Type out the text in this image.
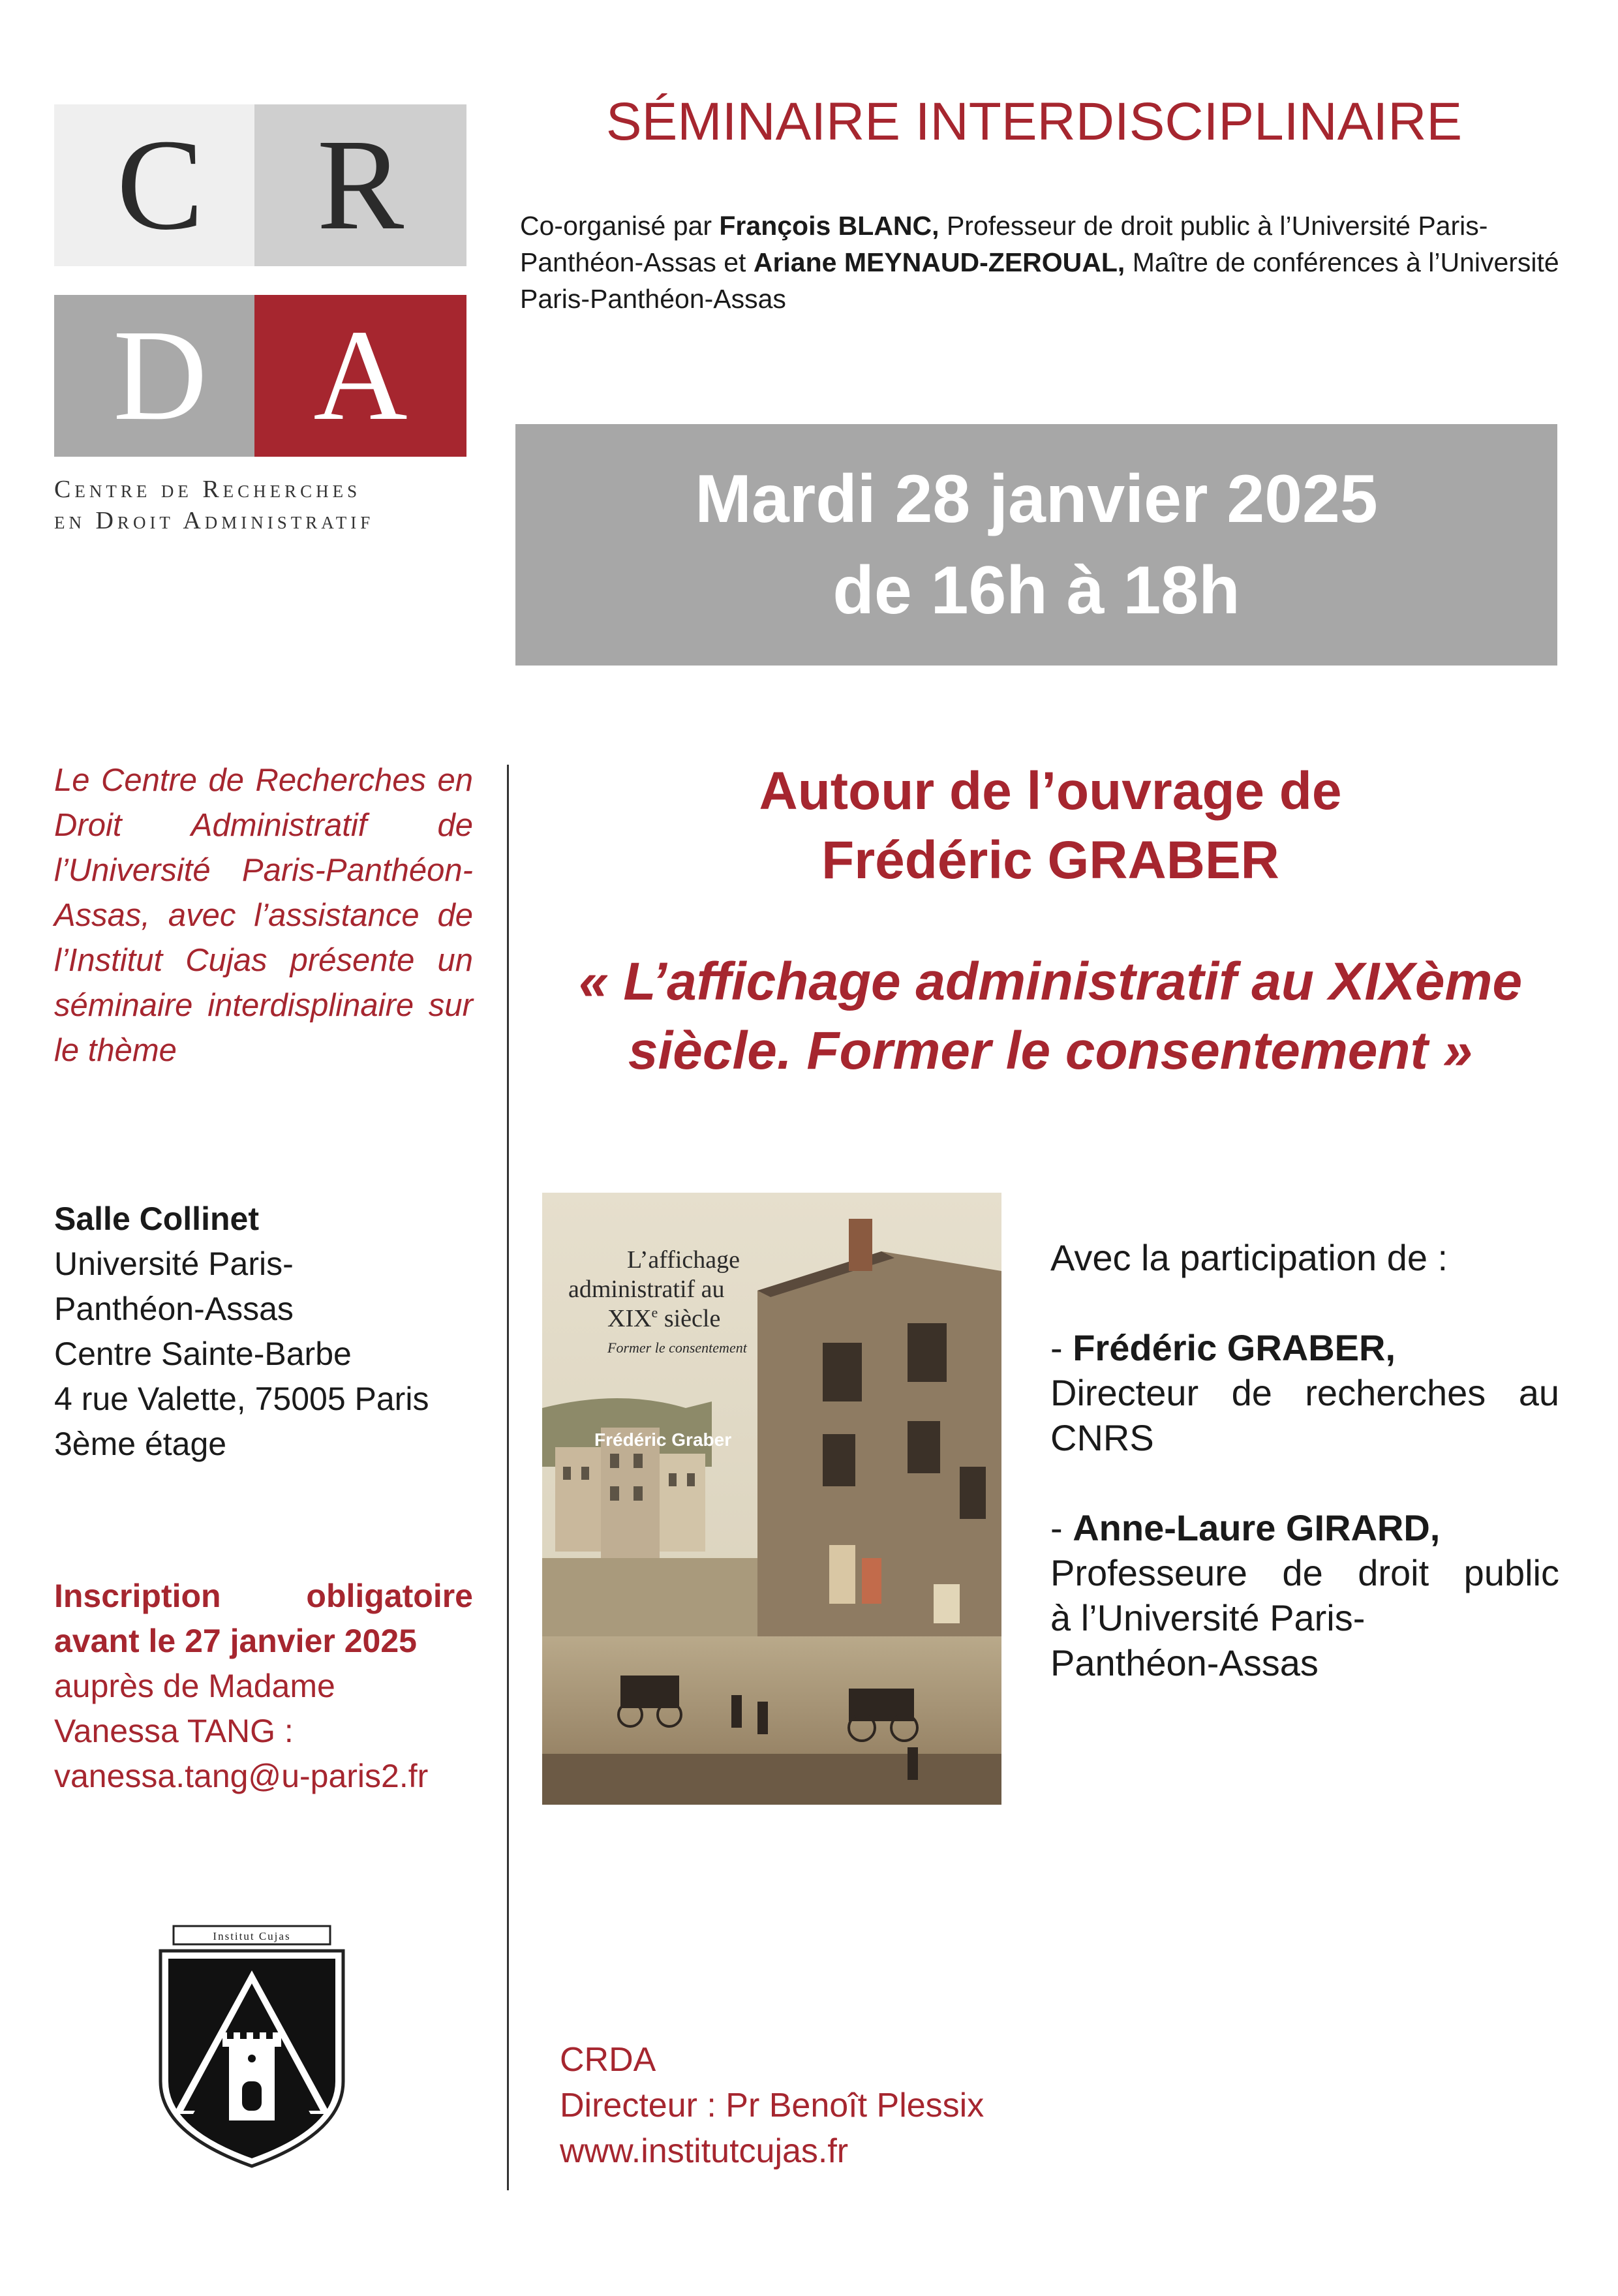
C R
D A
Centre de Recherches
en Droit Administratif
SÉMINAIRE INTERDISCIPLINAIRE
Co-organisé par François BLANC, Professeur de droit public à l’Université Paris-Panthéon-Assas et Ariane MEYNAUD-ZEROUAL, Maître de conférences à l’Université Paris-Panthéon-Assas
Mardi 28 janvier 2025
de 16h à 18h
Le Centre de Recherches en Droit Administratif de l’Université Paris-Panthéon-Assas, avec l’assistance de l’Institut Cujas présente un séminaire interdisplinaire sur le thème
Salle Collinet
Université Paris-
Panthéon-Assas
Centre Sainte-Barbe
4 rue Valette, 75005 Paris
3ème étage
Inscription obligatoire
avant le 27 janvier 2025
auprès de Madame
Vanessa TANG :
vanessa.tang@u-paris2.fr
Autour de l’ouvrage de
Frédéric GRABER
« L’affichage administratif au XIXème
siècle. Former le consentement »
L’affichage
administratif au
XIXe siècle
Former le consentement
Frédéric Graber
Avec la participation de :
- Frédéric GRABER,
Directeur de recherches au
CNRS
- Anne-Laure GIRARD,
Professeure de droit public
à l’Université Paris-
Panthéon-Assas
Institut Cujas
CRDA
Directeur : Pr Benoît Plessix
www.institutcujas.fr
